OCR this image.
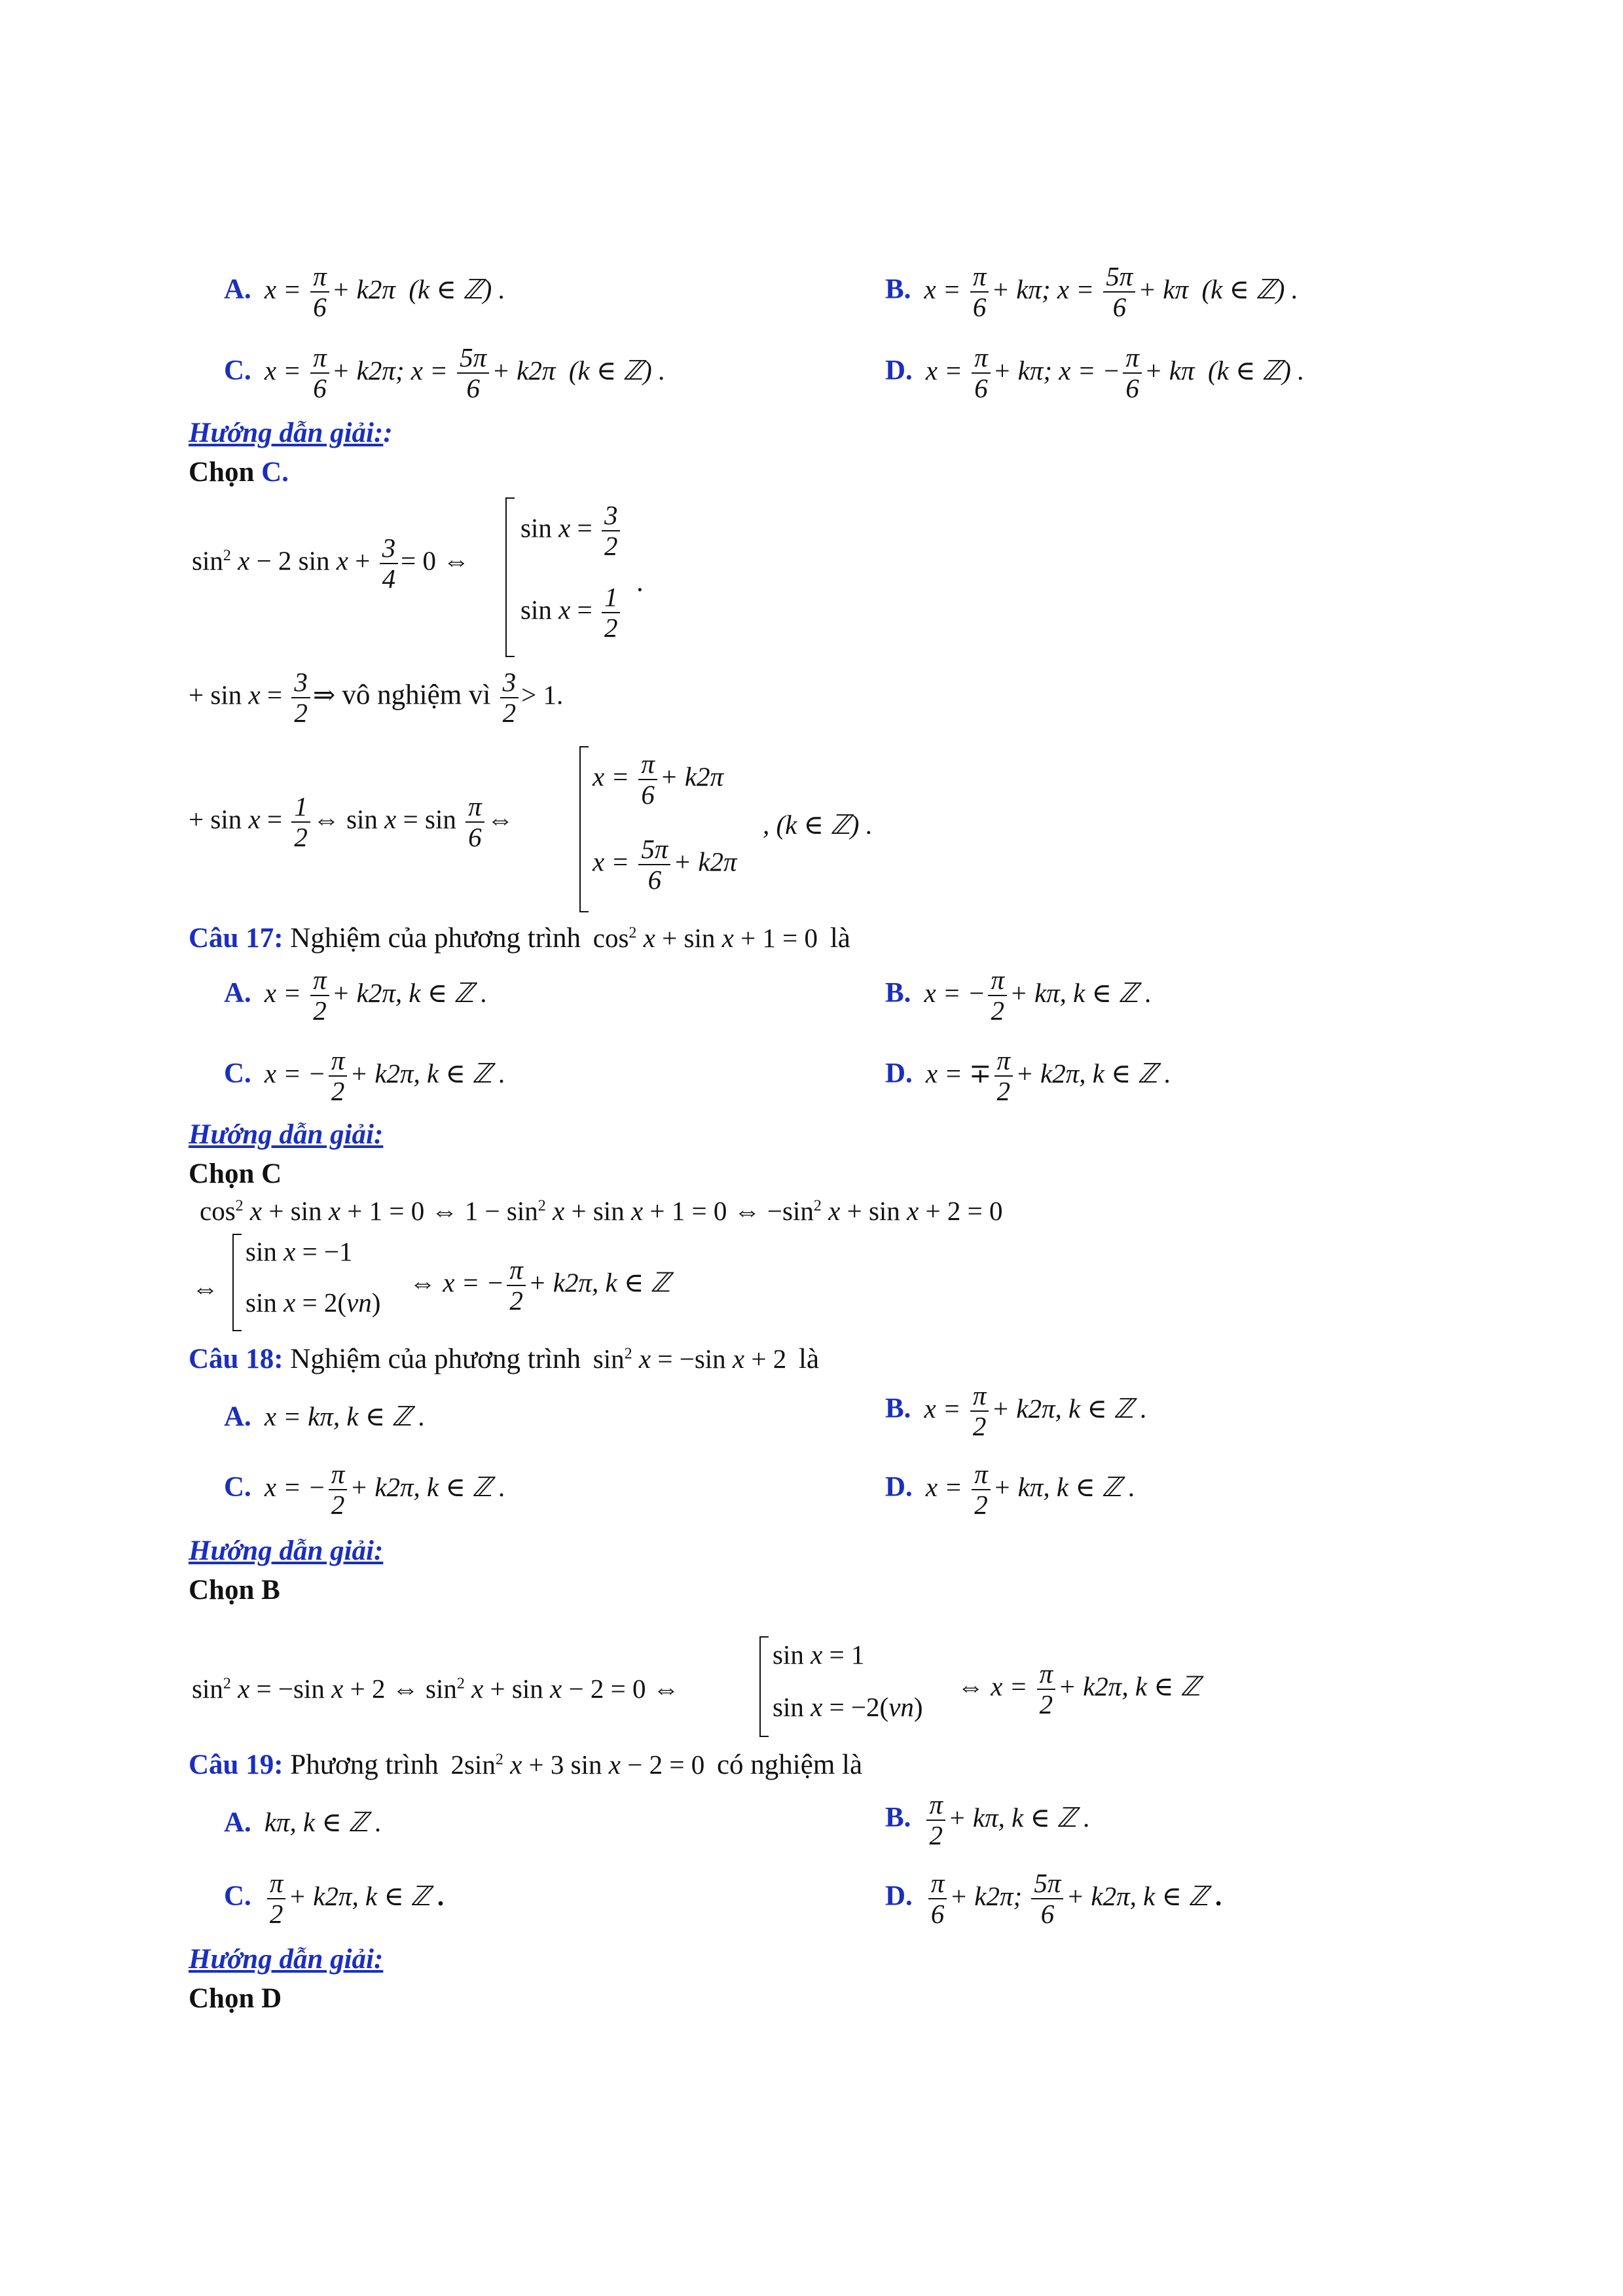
A. $x = \frac{\pi}{6} + k2\pi$  (k ∈ ℤ) .	B. $x = \frac{\pi}{6} + k\pi$; $x = \frac{5\pi}{6} + k\pi$  (k ∈ ℤ) .
C. $x = \frac{\pi}{6} + k2\pi$; $x = \frac{5\pi}{6} + k2\pi$  (k ∈ ℤ) .	D. $x = \frac{\pi}{6} + k\pi$; x = − $\frac{\pi}{6} + k\pi$  (k ∈ ℤ) .
Hướng dẫn giải::
Chọn C.
$\sin^2 x - 2$ $\sin x + \frac{3}{4} = 0$ ⇔
$\sin x = \frac{3}{2}$
$\sin x = \frac{1}{2}$
.
+ $\sin x = \frac{3}{2}$ ⇒ vô nghiệm vì $\frac{3}{2} > 1$.
+ $\sin x = \frac{1}{2}$ ⇔ $\sin x = \sin \frac{\pi}{6}$ ⇔
$x = \frac{\pi}{6} + k2\pi$
$x = \frac{5\pi}{6} + k2\pi$
, (k ∈ ℤ) .
Câu 17: Nghiệm của phương trình $\cos^2 x + \sin x + 1 = 0$ là
A. $x = \frac{\pi}{2} + k2\pi$, k ∈ ℤ .	B. x = − $\frac{\pi}{2} + k\pi$, k ∈ ℤ .
C. x = − $\frac{\pi}{2} + k2\pi$, k ∈ ℤ .	D. x = ∓ $\frac{\pi}{2} + k2\pi$, k ∈ ℤ .
Hướng dẫn giải:
Chọn C
$\cos^2 x + \sin x + 1 = 0$ ⇔ $1 - \sin^2 x + \sin x + 1 = 0$ ⇔ $-\sin^2$ x + sin x + 2 = 0
⇔
sin x = −1
sin x = 2(vn)
⇔ x = − $\frac{\pi}{2} + k2\pi$, k ∈ ℤ
Câu 18: Nghiệm của phương trình $\sin^2 x = -\sin$ x + 2 là
A. x = kπ, k ∈ ℤ .	B. $x = \frac{\pi}{2} + k2\pi$, k ∈ ℤ .
C. x = − $\frac{\pi}{2} + k2\pi$, k ∈ ℤ .	D. $x = \frac{\pi}{2} + k\pi$, k ∈ ℤ .
Hướng dẫn giải:
Chọn B
$\sin^2 x = -\sin$ x + 2 ⇔ $\sin^2 x + \sin x - 2 = 0$ ⇔
sin x = 1
sin x = −2(vn)
⇔ $x = \frac{\pi}{2} + k2\pi$, k ∈ ℤ
Câu 19: Phương trình $2\sin^2$ x + 3 sin x − 2 = 0 có nghiệm là
A. kπ, k ∈ ℤ .	B. $\frac{\pi}{2} + k\pi$, k ∈ ℤ .
C. $\frac{\pi}{2} + k2\pi$, k ∈ ℤ .	D. $\frac{\pi}{6} + k2\pi$; $\frac{5\pi}{6} + k2\pi$, k ∈ ℤ .
Hướng dẫn giải:
Chọn D
